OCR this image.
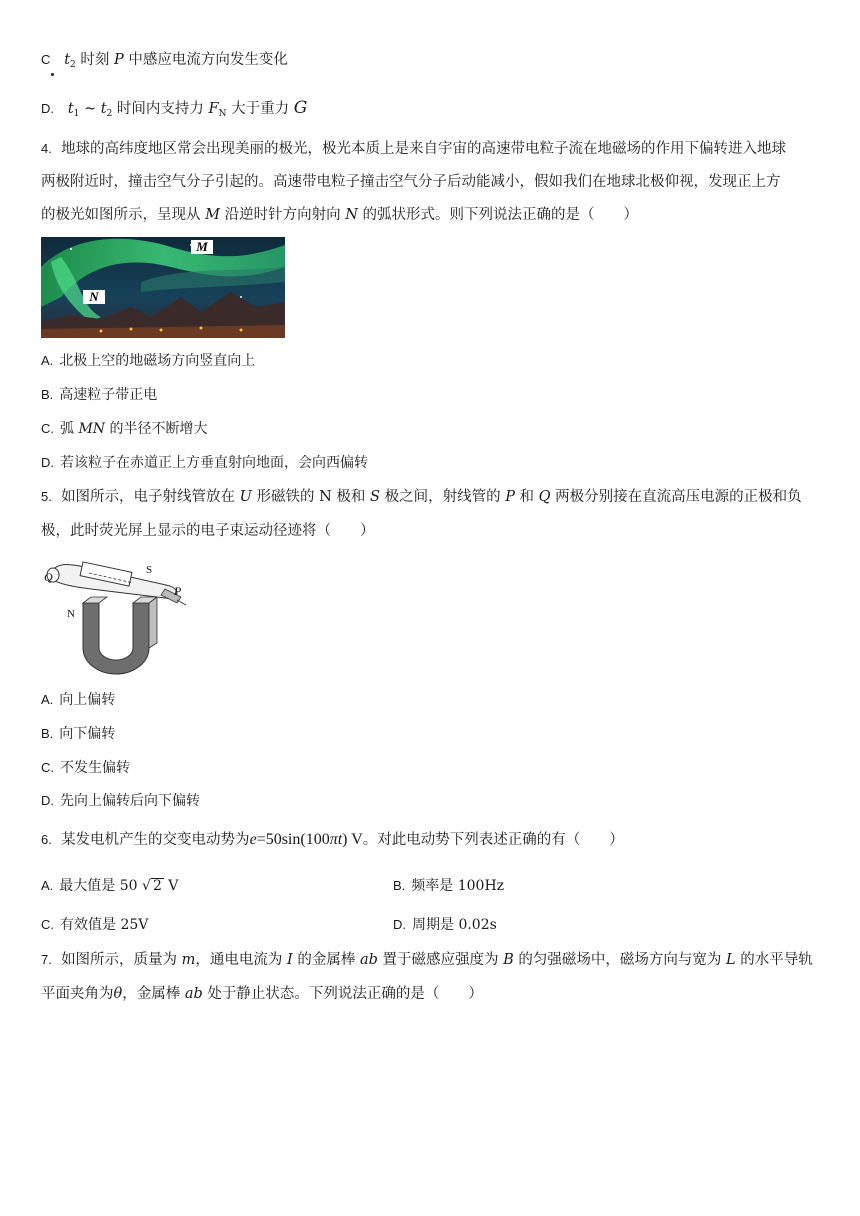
C $t_2$ 时刻 P 中感应电流方向发生变化
D. $t_1$ ~ $t_2$ 时间内支持力 $F_N$ 大于重力 G
4. 地球的高纬度地区常会出现美丽的极光，极光本质上是来自宇宙的高速带电粒子流在地磁场的作用下偏转进入地球
两极附近时，撞击空气分子引起的。高速带电粒子撞击空气分子后动能减小，假如我们在地球北极仰视，发现正上方
的极光如图所示，呈现从 M 沿逆时针方向射向 N 的弧状形式。则下列说法正确的是（　　）
M
N
A. 北极上空的地磁场方向竖直向上
B. 高速粒子带正电
C. 弧 MN 的半径不断增大
D. 若该粒子在赤道正上方垂直射向地面，会向西偏转
5. 如图所示，电子射线管放在 U 形磁铁的 N 极和 S 极之间，射线管的 P 和 Q 两极分别接在直流高压电源的正极和负
极，此时荧光屏上显示的电子束运动径迹将（　　）
Q	S
P
N
A. 向上偏转
B. 向下偏转
C. 不发生偏转
D. 先向上偏转后向下偏转
6. 某发电机产生的交变电动势为e=50sin(100πt) V。对此电动势下列表述正确的有（　　）
A. 最大值是 50 √ 2 V	B. 频率是 100Hz
C. 有效值是 25V	D. 周期是 0.02s
7. 如图所示，质量为 m，通电电流为 I 的金属棒 ab 置于磁感应强度为 B 的匀强磁场中，磁场方向与宽为 L 的水平导轨
平面夹角为θ，金属棒 ab 处于静止状态。下列说法正确的是（　　）
